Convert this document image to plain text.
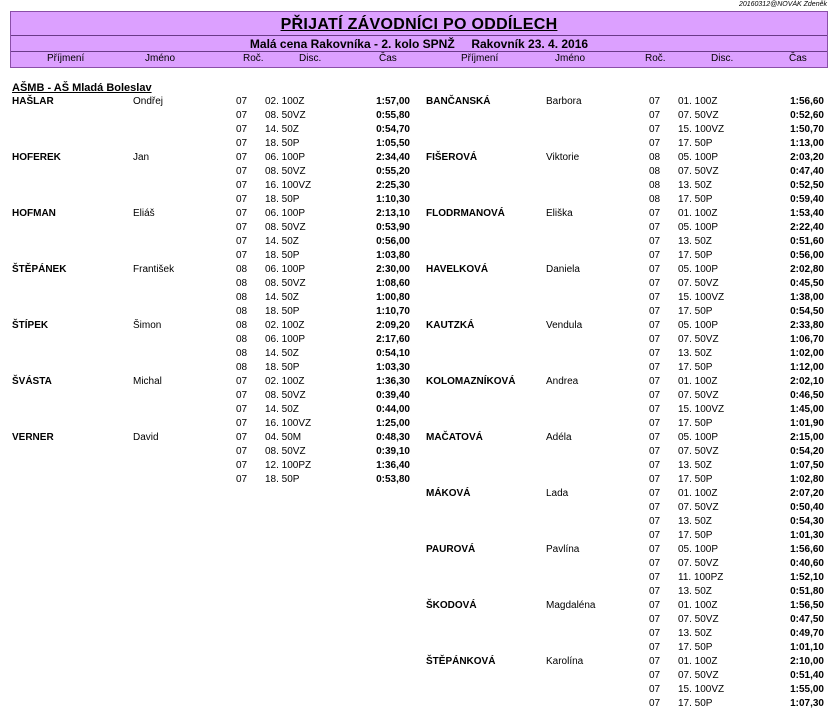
20160312@NOVÁK Zdeněk
PŘIJATÍ ZÁVODNÍCI PO ODDÍLECH
Malá cena Rakovníka - 2. kolo SPNŽ     Rakovník 23. 4. 2016
Příjmení	Jméno	Roč.	Disc.	Čas	Příjmení	Jméno	Roč.	Disc.	Čas
AŠMB - AŠ Mladá Boleslav
HAŠLAR	Ondřej	07 02. 100Z	1:57,00
07 08. 50VZ	0:55,80
07 14. 50Z	0:54,70
07 18. 50P	1:05,50
HOFEREK	Jan	07 06. 100P	2:34,40
07 08. 50VZ	0:55,20
07 16. 100VZ	2:25,30
07 18. 50P	1:10,30
HOFMAN	Eliáš	07 06. 100P	2:13,10
07 08. 50VZ	0:53,90
07 14. 50Z	0:56,00
07 18. 50P	1:03,80
ŠTĚPÁNEK	František	08 06. 100P	2:30,00
08 08. 50VZ	1:08,60
08 14. 50Z	1:00,80
08 18. 50P	1:10,70
ŠTÍPEK	Šimon	08 02. 100Z	2:09,20
08 06. 100P	2:17,60
08 14. 50Z	0:54,10
08 18. 50P	1:03,30
ŠVÁSTA	Michal	07 02. 100Z	1:36,30
07 08. 50VZ	0:39,40
07 14. 50Z	0:44,00
07 16. 100VZ	1:25,00
VERNER	David	07 04. 50M	0:48,30
07 08. 50VZ	0:39,10
07 12. 100PZ	1:36,40
07 18. 50P	0:53,80
BANČANSKÁ	Barbora	07 01. 100Z	1:56,60
07 07. 50VZ	0:52,60
07 15. 100VZ	1:50,70
07 17. 50P	1:13,00
FIŠEROVÁ	Viktorie	08 05. 100P	2:03,20
08 07. 50VZ	0:47,40
08 13. 50Z	0:52,50
08 17. 50P	0:59,40
FLODRMANOVÁ	Eliška	07 01. 100Z	1:53,40
07 05. 100P	2:22,40
07 13. 50Z	0:51,60
07 17. 50P	0:56,00
HAVELKOVÁ	Daniela	07 05. 100P	2:02,80
07 07. 50VZ	0:45,50
07 15. 100VZ	1:38,00
07 17. 50P	0:54,50
KAUTZKÁ	Vendula	07 05. 100P	2:33,80
07 07. 50VZ	1:06,70
07 13. 50Z	1:02,00
07 17. 50P	1:12,00
KOLOMAZNÍKOVÁ	Andrea	07 01. 100Z	2:02,10
07 07. 50VZ	0:46,50
07 15. 100VZ	1:45,00
07 17. 50P	1:01,90
MAČATOVÁ	Adéla	07 05. 100P	2:15,00
07 07. 50VZ	0:54,20
07 13. 50Z	1:07,50
07 17. 50P	1:02,80
MÁKOVÁ	Lada	07 01. 100Z	2:07,20
07 07. 50VZ	0:50,40
07 13. 50Z	0:54,30
07 17. 50P	1:01,30
PAUROVÁ	Pavlína	07 05. 100P	1:56,60
07 07. 50VZ	0:40,60
07 11. 100PZ	1:52,10
07 13. 50Z	0:51,80
ŠKODOVÁ	Magdaléna	07 01. 100Z	1:56,50
07 07. 50VZ	0:47,50
07 13. 50Z	0:49,70
07 17. 50P	1:01,10
ŠTĚPÁNKOVÁ	Karolína	07 01. 100Z	2:10,00
07 07. 50VZ	0:51,40
07 15. 100VZ	1:55,00
07 17. 50P	1:07,30
